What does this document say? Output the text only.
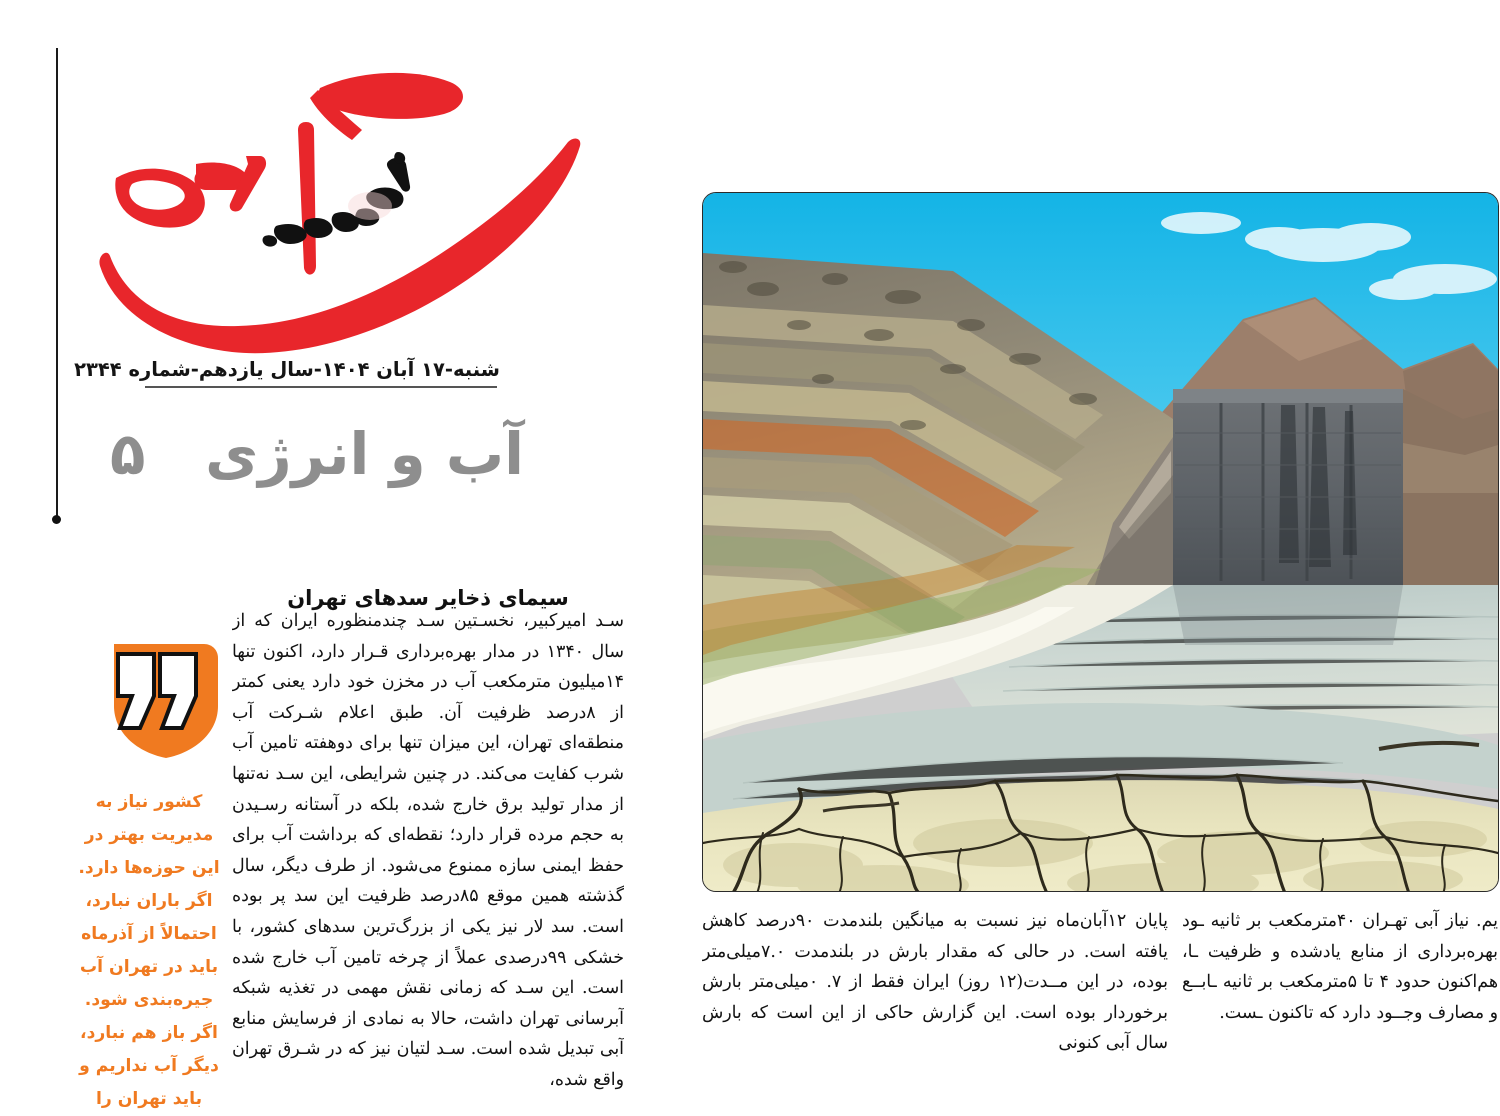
شنبه-۱۷ آبان ۱۴۰۴-سال یازدهم-شماره ۲۳۴۴
آب و انرژی
۵
سیمای ذخایر سدهای تهران

سـد امیرکبیر، نخسـتین سـد چندمنظوره ایران که از سال ۱۳۴۰ در مدار بهره‌برداری قـرار دارد، اکنون تنها ۱۴میلیون مترمکعب آب در مخزن خود دارد یعنی کمتر از ۸درصد ظرفیت آن. طبق اعلام شـرکت آب منطقه‌ای تهران، این میزان تنها برای دوهفته تامین آب شرب کفایت می‌کند. در چنین شرایطی، این سـد نه‌تنها از مدار تولید برق خارج شده، بلکه در آستانه رسـیدن به حجم مرده قرار دارد؛ نقطه‌ای که برداشت آب برای حفظ ایمنی سازه ممنوع می‌شود. از طرف دیگر، سال گذشته همین موقع ۸۵درصد ظرفیت این سد پر بوده است. سد لار نیز یکی از بزرگ‌ترین سدهای کشور، با خشکی ۹۹درصدی عملاً از چرخه تامین آب خارج شده است. این سـد که زمانی نقش مهمی در تغذیه شبکه آبرسانی تهران داشت، حالا به نمادی از فرسایش منابع آبی تبدیل شده است. سـد لتیان نیز که در شـرق تهران واقع شده،

پایان ۱۲آبان‌ماه نیز نسبت به میانگین بلندمدت ۹۰درصد کاهش یافته است. در حالی که مقدار بارش در بلندمدت ۷.۰میلی‌متر بوده، در این مــدت(۱۲ روز) ایران فقط از ۷. ۰میلی‌متر بارش برخوردار بوده است. این گزارش حاکی از این است که بارش سال آبی کنونی

یم. نیاز آبی تهـران ۴۰مترمکعب بر ثانیه ـود بهره‌برداری از منابع یادشده و ظرفیت ـا، هم‌اکنون حدود ۴ تا ۵مترمکعب بر ثانیه ـابــع و مصارف وجــود دارد که تاکنون ـست.

کشور نیاز به مدیریت بهتر در این حوزه‌ها دارد. اگر باران نبارد، احتمالاً از آذرماه باید در تهران آب جیره‌بندی شود. اگر باز هم نبارد، دیگر آب نداریم و باید تهران را
